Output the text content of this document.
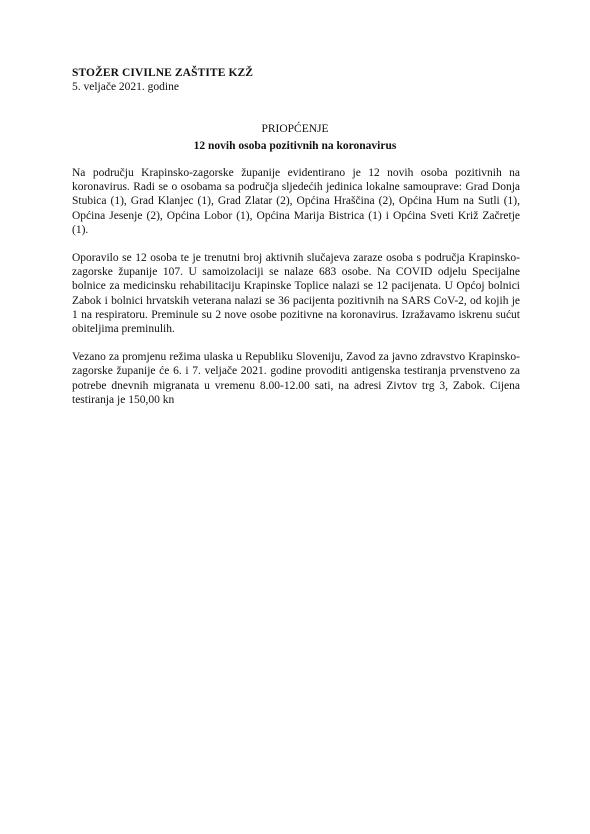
STOŽER CIVILNE ZAŠTITE KZŽ
5. veljače 2021. godine
PRIOPĆENJE
12 novih osoba pozitivnih na koronavirus

Na području Krapinsko-zagorske županije evidentirano je 12 novih osoba pozitivnih na koronavirus. Radi se o osobama sa područja sljedećih jedinica lokalne samouprave: Grad Donja Stubica (1), Grad Klanjec (1), Grad Zlatar (2), Općina Hraščina (2), Općina Hum na Sutli (1), Općina Jesenje (2), Općina Lobor (1), Općina Marija Bistrica (1) i Općina Sveti Križ Začretje (1).

Oporavilo se 12 osoba te je trenutni broj aktivnih slučajeva zaraze osoba s područja Krapinsko-zagorske županije 107. U samoizolaciji se nalaze 683 osobe. Na COVID odjelu Specijalne bolnice za medicinsku rehabilitaciju Krapinske Toplice nalazi se 12 pacijenata. U Općoj bolnici Zabok i bolnici hrvatskih veterana nalazi se 36 pacijenta pozitivnih na SARS CoV-2, od kojih je 1 na respiratoru. Preminule su 2 nove osobe pozitivne na koronavirus. Izražavamo iskrenu sućut obiteljima preminulih.

Vezano za promjenu režima ulaska u Republiku Sloveniju, Zavod za javno zdravstvo Krapinsko-zagorske županije će 6. i 7. veljače 2021. godine provoditi antigenska testiranja prvenstveno za potrebe dnevnih migranata u vremenu 8.00-12.00 sati, na adresi Zivtov trg 3, Zabok. Cijena testiranja je 150,00 kn
